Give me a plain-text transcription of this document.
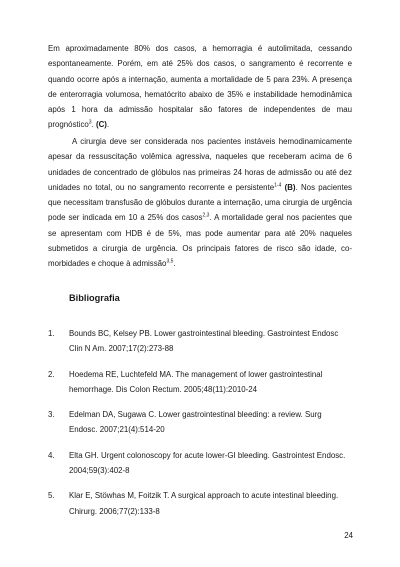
Em aproximadamente 80% dos casos, a hemorragia é autolimitada, cessando espontaneamente. Porém, em até 25% dos casos, o sangramento é recorrente e quando ocorre após a internação, aumenta a mortalidade de 5 para 23%. A presença de enterorragia volumosa, hematócrito abaixo de 35% e instabilidade hemodinâmica após 1 hora da admissão hospitalar são fatores de independentes de mau prognóstico$^3$. (C).

A cirurgia deve ser considerada nos pacientes instáveis hemodinamicamente apesar da ressuscitação volêmica agressiva, naqueles que receberam acima de 6 unidades de concentrado de glóbulos nas primeiras 24 horas de admissão ou até dez unidades no total, ou no sangramento recorrente e persistente$^{1-4}$ (B). Nos pacientes que necessitam transfusão de glóbulos durante a internação, uma cirurgia de urgência pode ser indicada em 10 a 25% dos casos$^{2,3}$. A mortalidade geral nos pacientes que se apresentam com HDB é de 5%, mas pode aumentar para até 20% naqueles submetidos a cirurgia de urgência. Os principais fatores de risco são idade, co-morbidades e choque à admissão$^{3,5}$.

Bibliografia
1. Bounds BC, Kelsey PB. Lower gastrointestinal bleeding. Gastrointest Endosc Clin N Am. 2007;17(2):273-88
2. Hoedema RE, Luchtefeld MA. The management of lower gastrointestinal hemorrhage. Dis Colon Rectum. 2005;48(11):2010-24
3. Edelman DA, Sugawa C. Lower gastrointestinal bleeding: a review. Surg Endosc. 2007;21(4):514-20
4. Elta GH. Urgent colonoscopy for acute lower-GI bleeding. Gastrointest Endosc. 2004;59(3):402-8
5. Klar E, Stöwhas M, Foitzik T. A surgical approach to acute intestinal bleeding. Chirurg. 2006;77(2):133-8
24
